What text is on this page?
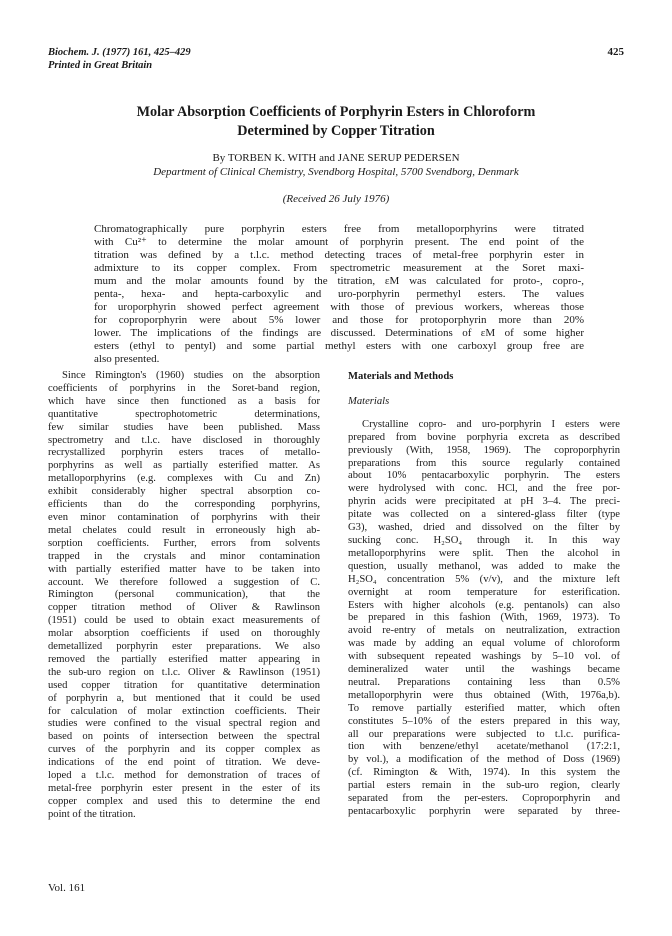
Biochem. J. (1977) 161, 425–429
Printed in Great Britain
425
Molar Absorption Coefficients of Porphyrin Esters in Chloroform
Determined by Copper Titration
By TORBEN K. WITH and JANE SERUP PEDERSEN
Department of Clinical Chemistry, Svendborg Hospital, 5700 Svendborg, Denmark
(Received 26 July 1976)
Chromatographically pure porphyrin esters free from metalloporphyrins were titrated
with Cu²⁺ to determine the molar amount of porphyrin present. The end point of the
titration was defined by a t.l.c. method detecting traces of metal-free porphyrin ester in
admixture to its copper complex. From spectrometric measurement at the Soret maxi-
mum and the molar amounts found by the titration, εM was calculated for proto-, copro-,
penta-, hexa- and hepta-carboxylic and uro-porphyrin permethyl esters. The values
for uroporphyrin showed perfect agreement with those of previous workers, whereas those
for coproporphyrin were about 5% lower and those for protoporphyrin more than 20%
lower. The implications of the findings are discussed. Determinations of εM of some higher
esters (ethyl to pentyl) and some partial methyl esters with one carboxyl group free are
also presented.
Since Rimington's (1960) studies on the absorption
coefficients of porphyrins in the Soret-band region,
which have since then functioned as a basis for
quantitative spectrophotometric determinations,
few similar studies have been published. Mass
spectrometry and t.l.c. have disclosed in thoroughly
recrystallized porphyrin esters traces of metallo-
porphyrins as well as partially esterified matter. As
metalloporphyrins (e.g. complexes with Cu and Zn)
exhibit considerably higher spectral absorption co-
efficients than do the corresponding porphyrins,
even minor contamination of porphyrins with their
metal chelates could result in erroneously high ab-
sorption coefficients. Further, errors from solvents
trapped in the crystals and minor contamination
with partially esterified matter have to be taken into
account. We therefore followed a suggestion of C.
Rimington (personal communication), that the
copper titration method of Oliver & Rawlinson
(1951) could be used to obtain exact measurements of
molar absorption coefficients if used on thoroughly
demetallized porphyrin ester preparations. We also
removed the partially esterified matter appearing in
the sub-uro region on t.l.c. Oliver & Rawlinson (1951)
used copper titration for quantitative determination
of porphyrin a, but mentioned that it could be used
for calculation of molar extinction coefficients. Their
studies were confined to the visual spectral region and
based on points of intersection between the spectral
curves of the porphyrin and its copper complex as
indications of the end point of titration. We deve-
loped a t.l.c. method for demonstration of traces of
metal-free porphyrin ester present in the ester of its
copper complex and used this to determine the end
point of the titration.
Materials and Methods
Materials
Crystalline copro- and uro-porphyrin I esters were
prepared from bovine porphyria excreta as described
previously (With, 1958, 1969). The coproporphyrin
preparations from this source regularly contained
about 10% pentacarboxylic porphyrin. The esters
were hydrolysed with conc. HCl, and the free por-
phyrin acids were precipitated at pH 3–4. The preci-
pitate was collected on a sintered-glass filter (type
G3), washed, dried and dissolved on the filter by
sucking conc. H₂SO₄ through it. In this way
metalloporphyrins were split. Then the alcohol in
question, usually methanol, was added to make the
H₂SO₄ concentration 5% (v/v), and the mixture left
overnight at room temperature for esterification.
Esters with higher alcohols (e.g. pentanols) can also
be prepared in this fashion (With, 1969, 1973). To
avoid re-entry of metals on neutralization, extraction
was made by adding an equal volume of chloroform
with subsequent repeated washings by 5–10 vol. of
demineralized water until the washings became
neutral. Preparations containing less than 0.5%
metalloporphyrin were thus obtained (With, 1976a,b).
To remove partially esterified matter, which often
constitutes 5–10% of the esters prepared in this way,
all our preparations were subjected to t.l.c. purifica-
tion with benzene/ethyl acetate/methanol (17:2:1,
by vol.), a modification of the method of Doss (1969)
(cf. Rimington & With, 1974). In this system the
partial esters remain in the sub-uro region, clearly
separated from the per-esters. Coproporphyrin and
pentacarboxylic porphyrin were separated by three-
Vol. 161
